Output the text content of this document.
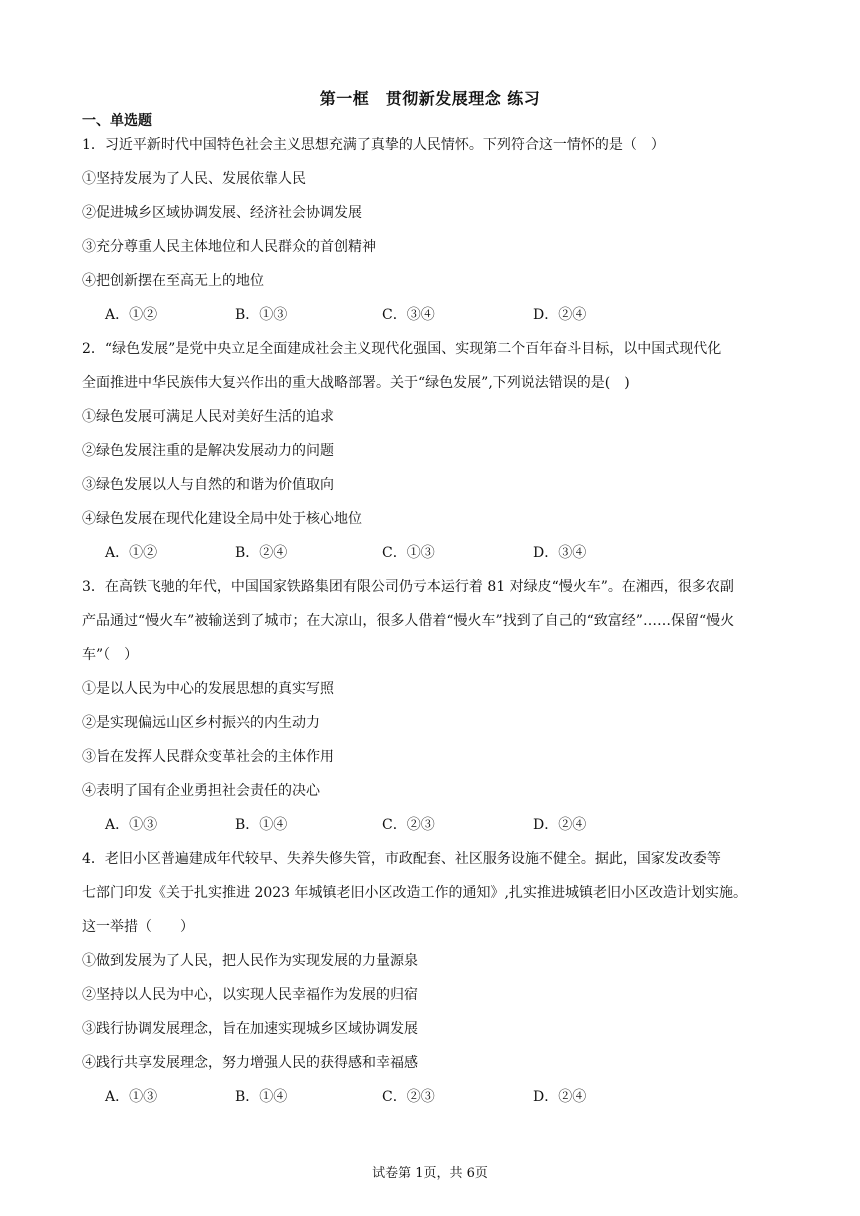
第一框　贯彻新发展理念 练习
一、单选题
1．习近平新时代中国特色社会主义思想充满了真挚的人民情怀。下列符合这一情怀的是（　）
①坚持发展为了人民、发展依靠人民
②促进城乡区域协调发展、经济社会协调发展
③充分尊重人民主体地位和人民群众的首创精神
④把创新摆在至高无上的地位
A．①②	B．①③	C．③④	D．②④
2．“绿色发展”是党中央立足全面建成社会主义现代化强国、实现第二个百年奋斗目标，以中国式现代化
全面推进中华民族伟大复兴作出的重大战略部署。关于“绿色发展”,下列说法错误的是(　)
①绿色发展可满足人民对美好生活的追求
②绿色发展注重的是解决发展动力的问题
③绿色发展以人与自然的和谐为价值取向
④绿色发展在现代化建设全局中处于核心地位
A．①②	B．②④	C．①③	D．③④
3．在高铁飞驰的年代，中国国家铁路集团有限公司仍亏本运行着 81 对绿皮“慢火车”。在湘西，很多农副
产品通过“慢火车”被输送到了城市；在大凉山，很多人借着“慢火车”找到了自己的“致富经”……保留“慢火
车”（　）
①是以人民为中心的发展思想的真实写照
②是实现偏远山区乡村振兴的内生动力
③旨在发挥人民群众变革社会的主体作用
④表明了国有企业勇担社会责任的决心
A．①③	B．①④	C．②③	D．②④
4．老旧小区普遍建成年代较早、失养失修失管，市政配套、社区服务设施不健全。据此，国家发改委等
七部门印发《关于扎实推进 2023 年城镇老旧小区改造工作的通知》,扎实推进城镇老旧小区改造计划实施。
这一举措（　　）
①做到发展为了人民，把人民作为实现发展的力量源泉
②坚持以人民为中心，以实现人民幸福作为发展的归宿
③践行协调发展理念，旨在加速实现城乡区域协调发展
④践行共享发展理念，努力增强人民的获得感和幸福感
A．①③	B．①④	C．②③	D．②④
试卷第 1页，共 6页
